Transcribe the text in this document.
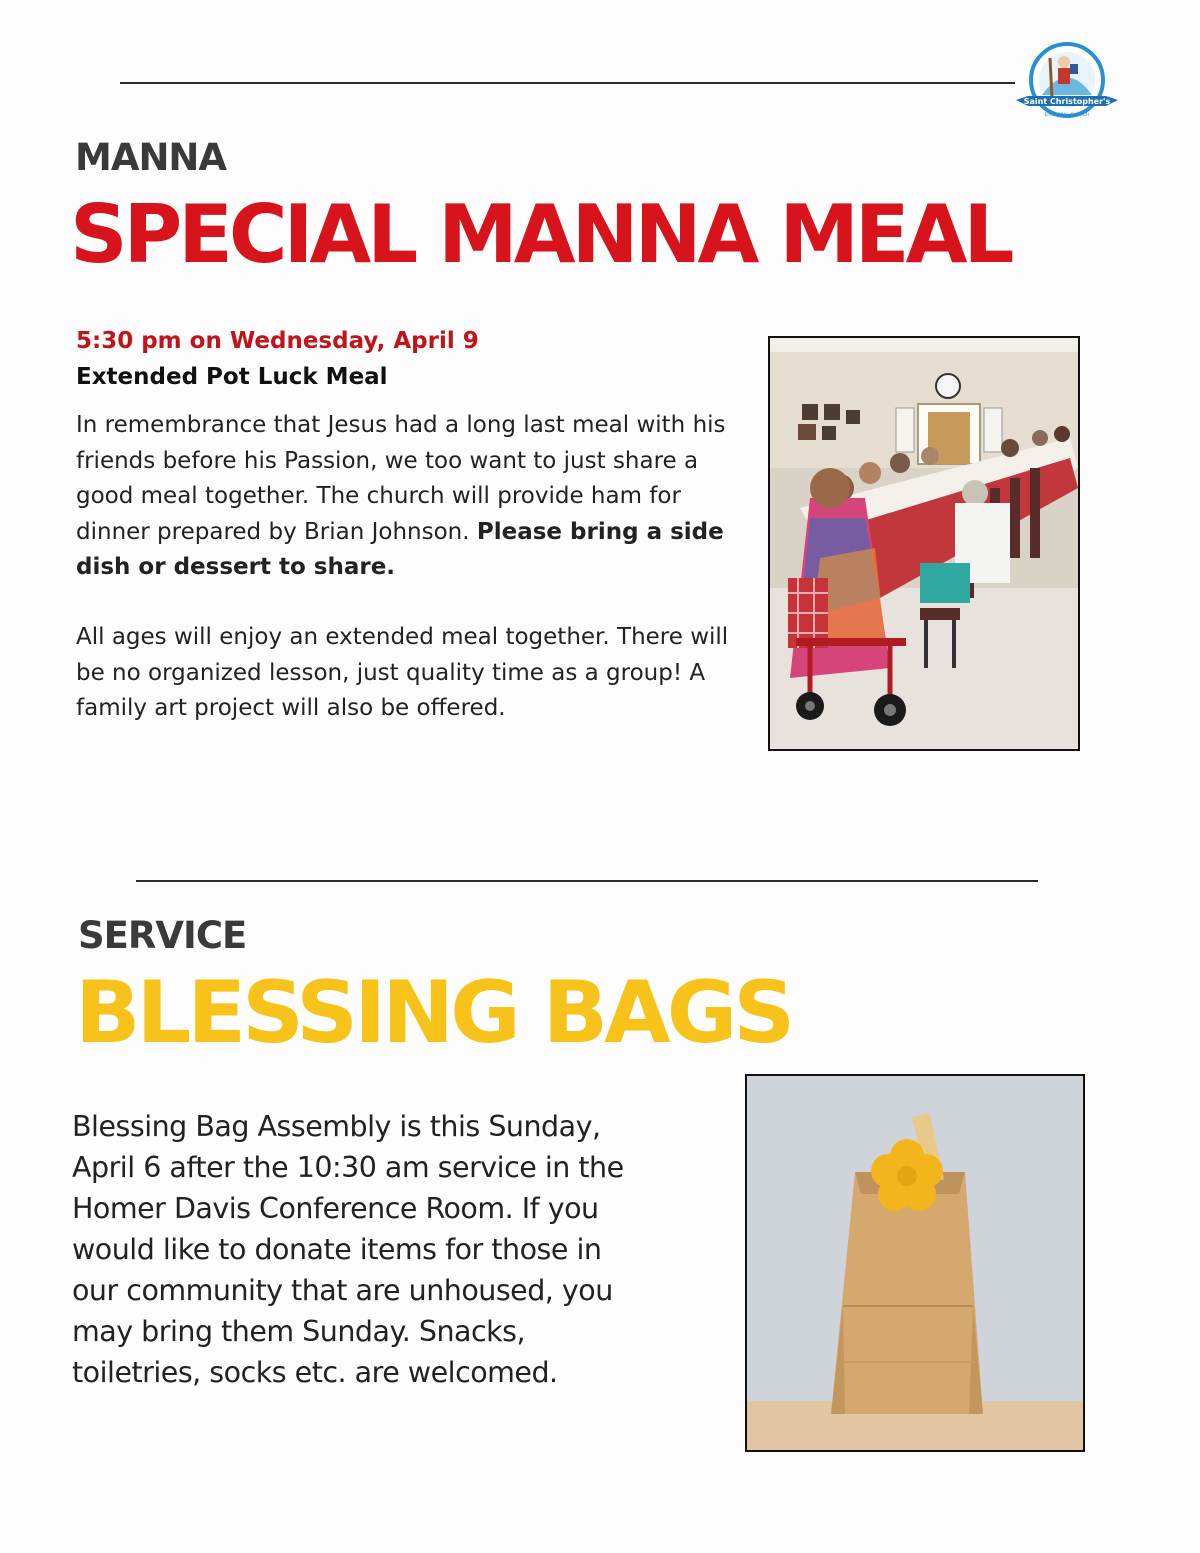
Saint Christopher's
EPISCOPAL CHURCH
MANNA
SPECIAL MANNA MEAL
5:30 pm on Wednesday, April 9
Extended Pot Luck Meal
In remembrance that Jesus had a long last meal with his friends before his Passion, we too want to just share a good meal together. The church will provide ham for dinner prepared by Brian Johnson. Please bring a side dish or dessert to share.
All ages will enjoy an extended meal together. There will be no organized lesson, just quality time as a group! A family art project will also be offered.
SERVICE
BLESSING BAGS
Blessing Bag Assembly is this Sunday, April 6 after the 10:30 am service in the Homer Davis Conference Room. If you would like to donate items for those in our community that are unhoused, you may bring them Sunday. Snacks, toiletries, socks etc. are welcomed.
